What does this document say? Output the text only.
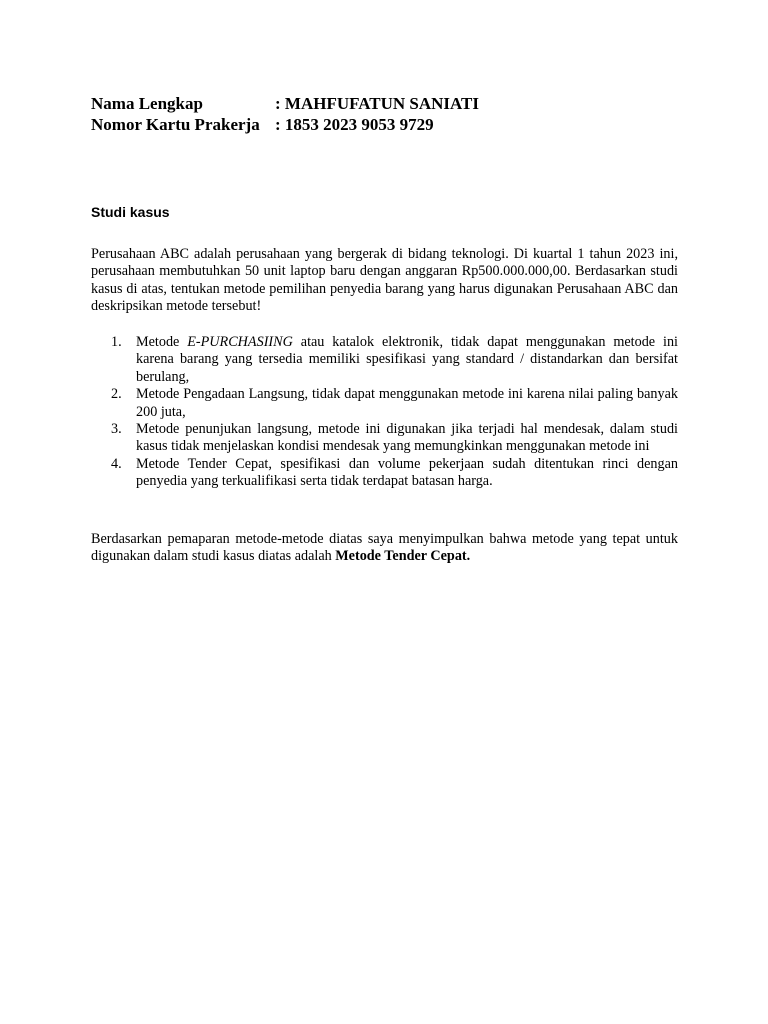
Nama Lengkap	: MAHFUFATUN SANIATI
Nomor Kartu Prakerja : 1853 2023 9053 9729
Studi kasus

Perusahaan ABC adalah perusahaan yang bergerak di bidang teknologi. Di kuartal 1 tahun 2023 ini, perusahaan membutuhkan 50 unit laptop baru dengan anggaran Rp500.000.000,00. Berdasarkan studi kasus di atas, tentukan metode pemilihan penyedia barang yang harus digunakan Perusahaan ABC dan deskripsikan metode tersebut!

1.	Metode E-PURCHASIING atau katalok elektronik, tidak dapat menggunakan metode ini karena barang yang tersedia memiliki spesifikasi yang standard / distandarkan dan bersifat berulang,
2.	Metode Pengadaan Langsung, tidak dapat menggunakan metode ini karena nilai paling banyak 200 juta,
3.	Metode penunjukan langsung, metode ini digunakan jika terjadi hal mendesak, dalam studi kasus tidak menjelaskan kondisi mendesak yang memungkinkan menggunakan metode ini
4.	Metode Tender Cepat, spesifikasi dan volume pekerjaan sudah ditentukan rinci dengan penyedia yang terkualifikasi serta tidak terdapat batasan harga.

Berdasarkan pemaparan metode-metode diatas saya menyimpulkan bahwa metode yang tepat untuk digunakan dalam studi kasus diatas adalah Metode Tender Cepat.
